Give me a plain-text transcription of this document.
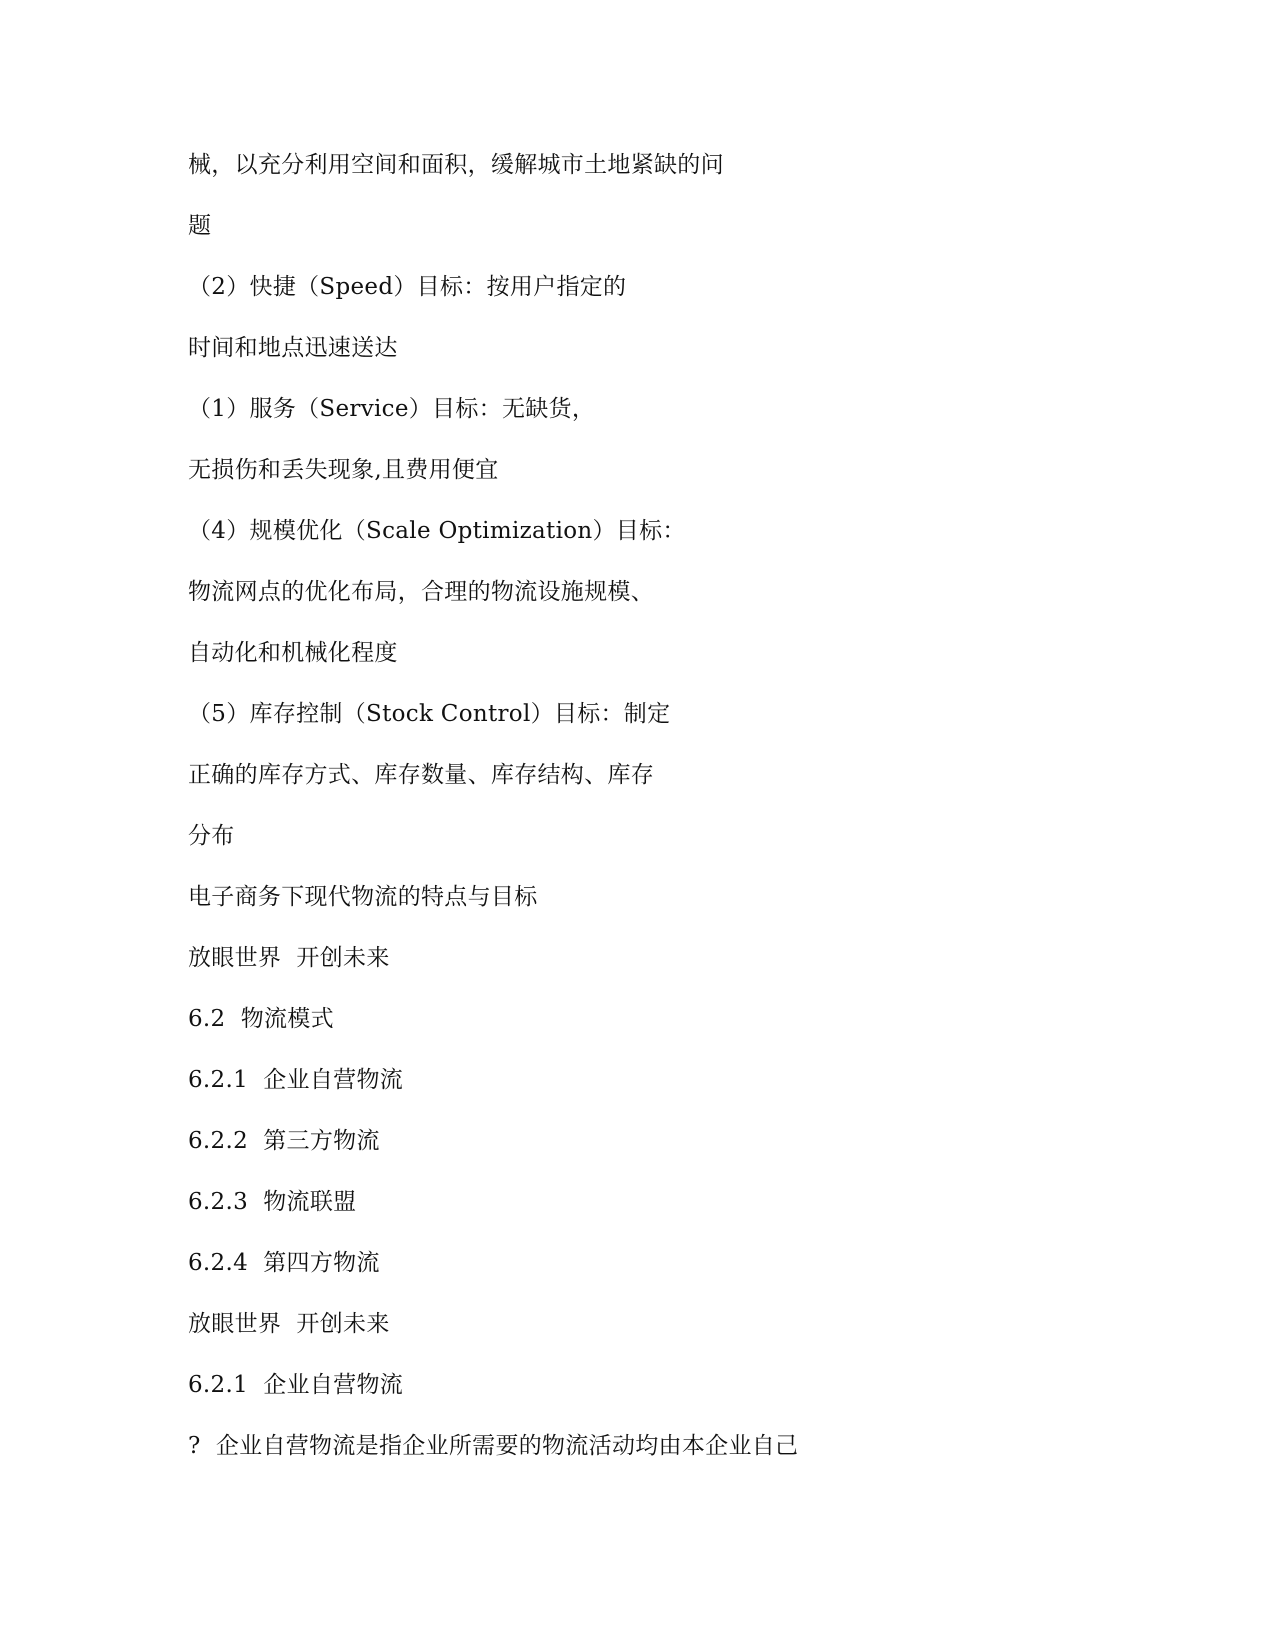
械，以充分利用空间和面积，缓解城市土地紧缺的问
题
（2）快捷（Speed）目标：按用户指定的
时间和地点迅速送达
（1）服务（Service）目标：无缺货，
无损伤和丢失现象,且费用便宜
（4）规模优化（Scale Optimization）目标：
物流网点的优化布局，合理的物流设施规模、
自动化和机械化程度
（5）库存控制（Stock Control）目标：制定
正确的库存方式、库存数量、库存结构、库存
分布
电子商务下现代物流的特点与目标
放眼世界  开创未来
6.2  物流模式
6.2.1  企业自营物流
6.2.2  第三方物流
6.2.3  物流联盟
6.2.4  第四方物流
放眼世界  开创未来
6.2.1  企业自营物流
?  企业自营物流是指企业所需要的物流活动均由本企业自己
